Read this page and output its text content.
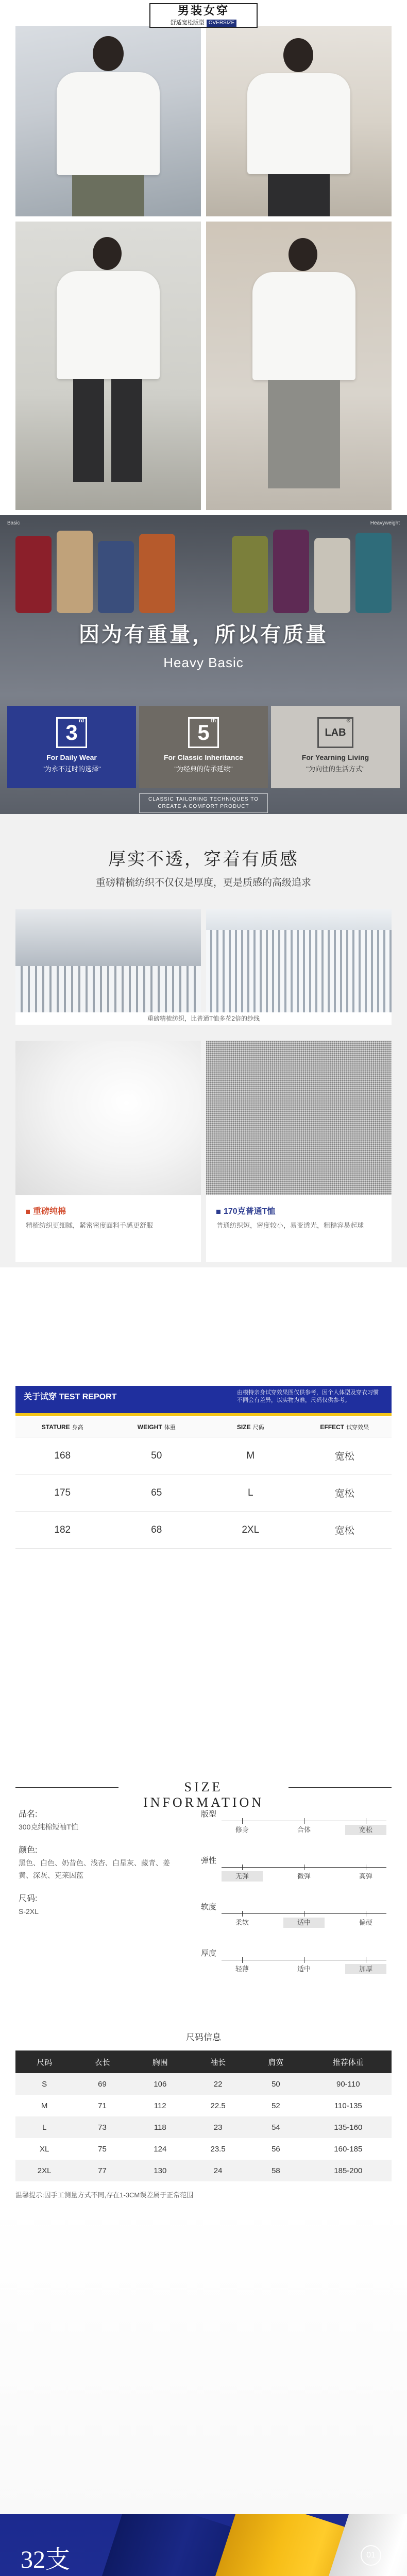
男装女穿
舒适宽松版型 OVERSIZE
Basic	Heavyweight
因为有重量，所以有质量
Heavy Basic
3 rd
For Daily Wear
"为永不过时的选择"
5 th
For Classic Inheritance
"为经典的传承延续"
LAB
®
For Yearning Living
"为向往的生活方式"
CLASSIC TAILORING TECHNIQUES TO CREATE A COMFORT PRODUCT
厚实不透，穿着有质感
重磅精梳纺织不仅仅是厚度，更是质感的高级追求
重磅精梳纺织，比普通T恤多花2倍的纱线
重磅纯棉
精梳纺织更细腻，紧密密度面料手感更舒服
170克普通T恤
普通纺织短，密度较小，易变透光，粗糙容易起球
关于试穿 TEST REPORT	由模特亲身试穿效果图仅供参考，因个人体型及穿衣习惯不同会有差异，以实物为准，尺码仅供参考。
STATURE 身高	WEIGHT 体重	SIZE 尺码	EFFECT 试穿效果
168	50	M	宽松
175	65	L	宽松
182	68	2XL	宽松
SIZE INFORMATION
品名:
300克纯棉短袖T恤
颜色:
黑色、白色、奶昔色、浅杏、白星灰、藏青、姜黄、深灰、克莱因蓝
尺码:
S-2XL
版型
修身	合体	宽松
弹性
无弹	微弹	高弹
软度
柔软	适中	偏硬
厚度
轻薄	适中	加厚
尺码信息
尺码	衣长	胸围	袖长	肩宽	推荐体重
S	69	106	22	50	90-110
M	71	112	22.5	52	110-135
L	73	118	23	54	135-160
XL	75	124	23.5	56	160-185
2XL	77	130	24	58	185-200
温馨提示:因手工测量方式不同,存在1-3CM误差属于正常范围
32支	01
